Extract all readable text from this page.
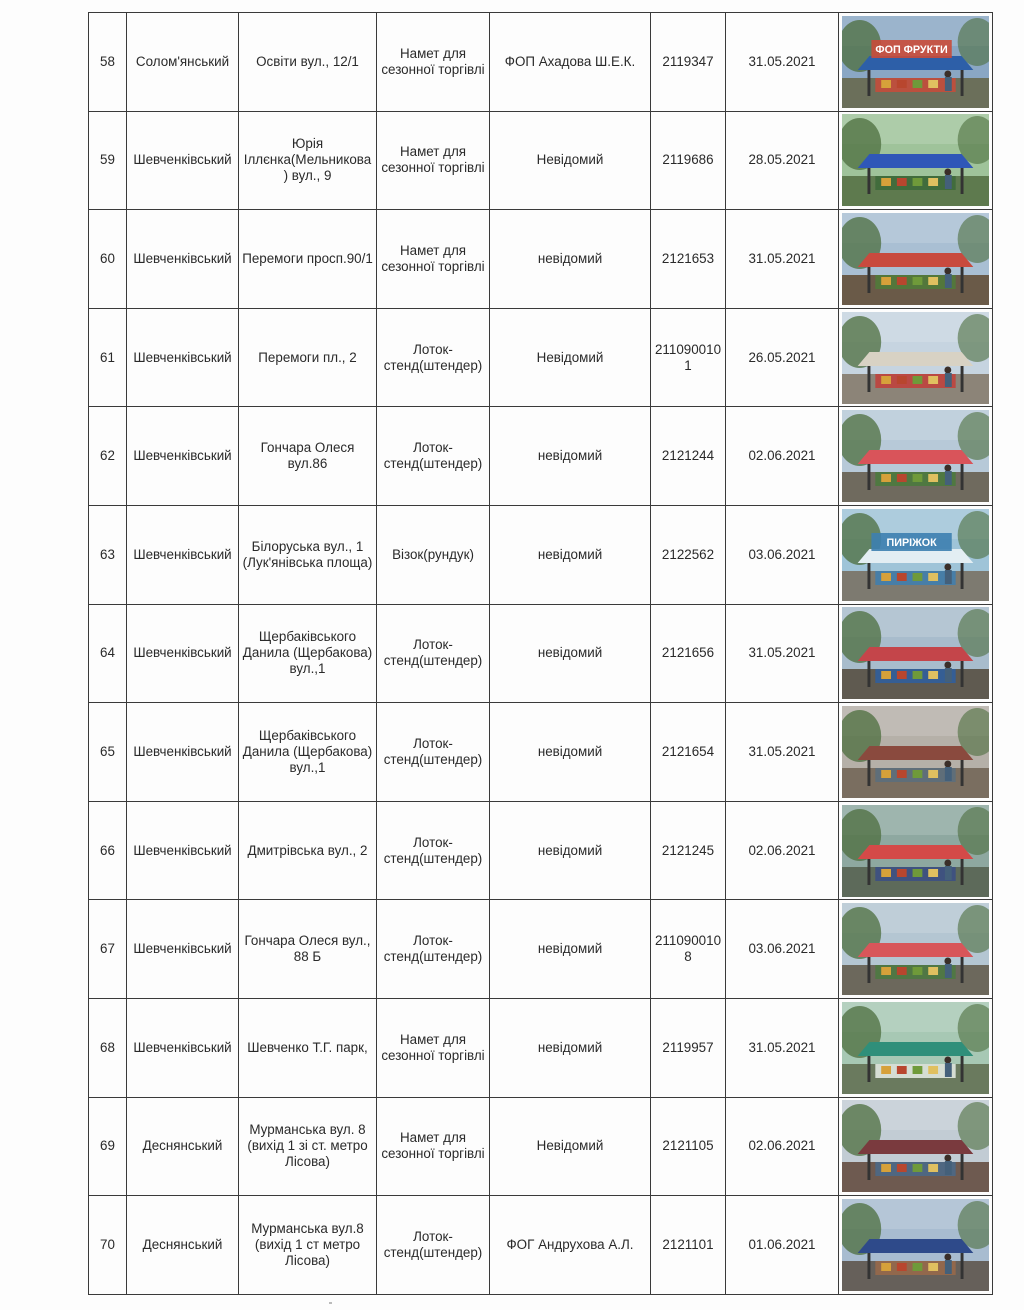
58	Солом'янський	Освіти вул., 12/1	Намет для сезонної торгівлі	ФОП Ахадова Ш.Е.К.	2119347	31.05.2021	ФОП ФРУКТИ

59	Шевченківський	Юрія Іллєнка(Мельникова) вул., 9	Намет для сезонної торгівлі	Невідомий	2119686	28.05.2021	

60	Шевченківський	Перемоги просп.90/1	Намет для сезонної торгівлі	невідомий	2121653	31.05.2021	

61	Шевченківський	Перемоги пл., 2	Лоток-стенд(штендер)	Невідомий	2110900101	26.05.2021	

62	Шевченківський	Гончара Олеся вул.86	Лоток-стенд(штендер)	невідомий	2121244	02.06.2021	

63	Шевченківський	Білоруська вул., 1 (Лук'янівська площа)	Візок(рундук)	невідомий	2122562	03.06.2021	ПИРІЖОК

64	Шевченківський	Щербаківського Данила (Щербакова) вул.,1	Лоток-стенд(штендер)	невідомий	2121656	31.05.2021	

65	Шевченківський	Щербаківського Данила (Щербакова) вул.,1	Лоток-стенд(штендер)	невідомий	2121654	31.05.2021	

66	Шевченківський	Дмитрівська вул., 2	Лоток-стенд(штендер)	невідомий	2121245	02.06.2021	

67	Шевченківський	Гончара Олеся вул., 88 Б	Лоток-стенд(штендер)	невідомий	2110900108	03.06.2021	

68	Шевченківський	Шевченко Т.Г. парк,	Намет для сезонної торгівлі	невідомий	2119957	31.05.2021	

69	Деснянський	Мурманська вул. 8 (вихід 1 зі ст. метро Лісова)	Намет для сезонної торгівлі	Невідомий	2121105	02.06.2021	

70	Деснянський	Мурманська вул.8 (вихід 1 ст метро Лісова)	Лоток-стенд(штендер)	ФОГ Андрухова А.Л.	2121101	01.06.2021	
